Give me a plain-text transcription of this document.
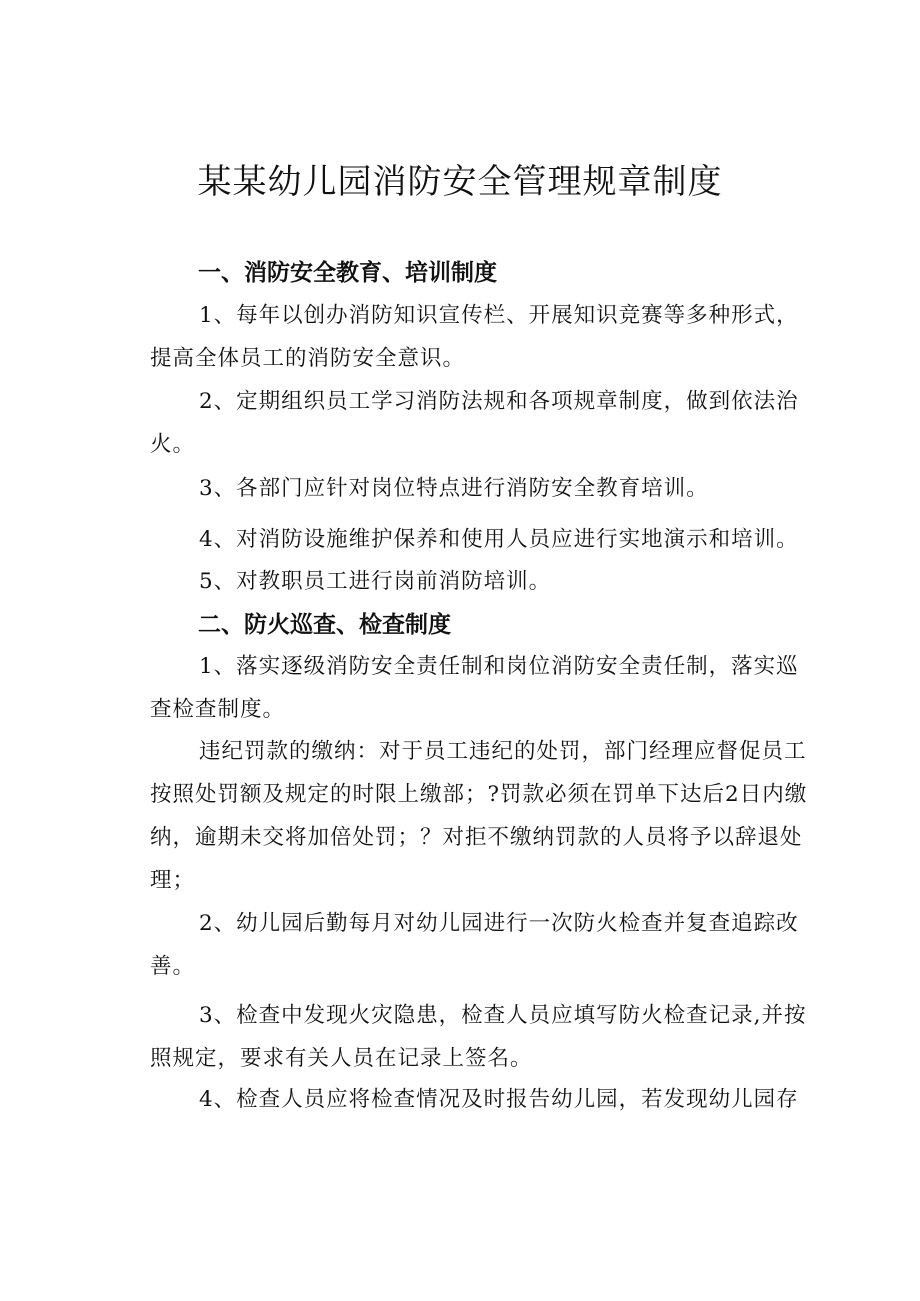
某某幼儿园消防安全管理规章制度
一、消防安全教育、培训制度

1、每年以创办消防知识宣传栏、开展知识竞赛等多种形式，提高全体员工的消防安全意识。

2、定期组织员工学习消防法规和各项规章制度，做到依法治火。

3、各部门应针对岗位特点进行消防安全教育培训。

4、对消防设施维护保养和使用人员应进行实地演示和培训。

5、对教职员工进行岗前消防培训。

二、防火巡查、检查制度

1、落实逐级消防安全责任制和岗位消防安全责任制，落实巡查检查制度。

违纪罚款的缴纳：对于员工违纪的处罚，部门经理应督促员工按照处罚额及规定的时限上缴部；?罚款必须在罚单下达后2日内缴纳，逾期未交将加倍处罚；？对拒不缴纳罚款的人员将予以辞退处理；

2、幼儿园后勤每月对幼儿园进行一次防火检查并复查追踪改善。

3、检查中发现火灾隐患，检查人员应填写防火检查记录,并按照规定，要求有关人员在记录上签名。

4、检查人员应将检查情况及时报告幼儿园，若发现幼儿园存
